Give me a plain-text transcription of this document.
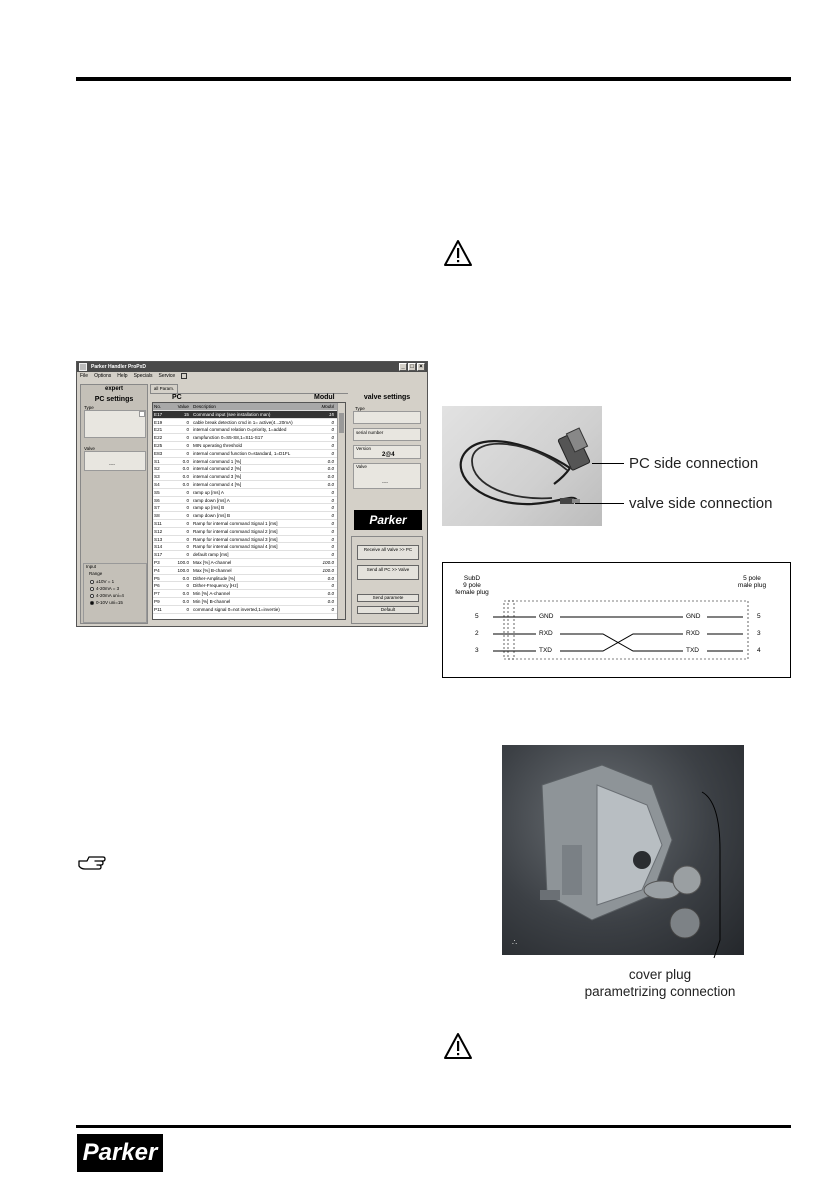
Parker Handler ProPxD	_ □ ×
File Options Help Specials Service
expert
PC settings
Type
Valve
----
Input
Range
±10V = 1
4-20mA = 3
4-20mA uni=4
0-10V uni=15
all Param.
PC	Modul
No.	Value Description	Modul
E17	15 Command input (see installation man)	15
E19	0 cable break detection cmd in 1= active(4...20mA)	0
E21	0 internal command relation 0=priority, 1=added	0
E22	0 rampfunction 0=S5-S8,1=S11-S17	0
E25	0 MIN operating threshold	0
E83	0 internal command function 0=standard, 1=D1FL	0
S1	0.0 internal command 1 [%]	0.0
S2	0.0 internal command 2 [%]	0.0
S3	0.0 internal command 3 [%]	0.0
S4	0.0 internal command 4 [%]	0.0
S5	0 ramp up [ms] A	0
S6	0 ramp down [ms] A	0
S7	0 ramp up [ms] B	0
S8	0 ramp down [ms] B	0
S11	0 Ramp for internal command Signal 1 [ms]	0
S12	0 Ramp for internal command Signal 2 [ms]	0
S13	0 Ramp for internal command Signal 3 [ms]	0
S14	0 Ramp for internal command Signal 4 [ms]	0
S17	0 default ramp [ms]	0
P3	100.0 Max [%] A-channel	100.0
P4	100.0 Max [%] B-channel	100.0
P5	0.0 Dither-Amplitude [%]	0.0
P6	0 Dither-Frequency [Hz]	0
P7	0.0 Min [%] A-channel	0.0
P9	0.0 Min [%] B-channel	0.0
P11	0 command signal 0=not inverted,1=invertie)	0
valve settings
Type
serial number
Version
2@4
Valve
----
Parker
Receive all Valve >> PC
Send all PC >> Valve
Send paramete
Default
PC side connection
valve side connection
SubD
9 pole
female plug
5 pole
male plug
5	GND	GND	5
2	RXD	RXD	3
3	TXD	TXD	4
∴
cover plug
parametrizing connection
Parker
